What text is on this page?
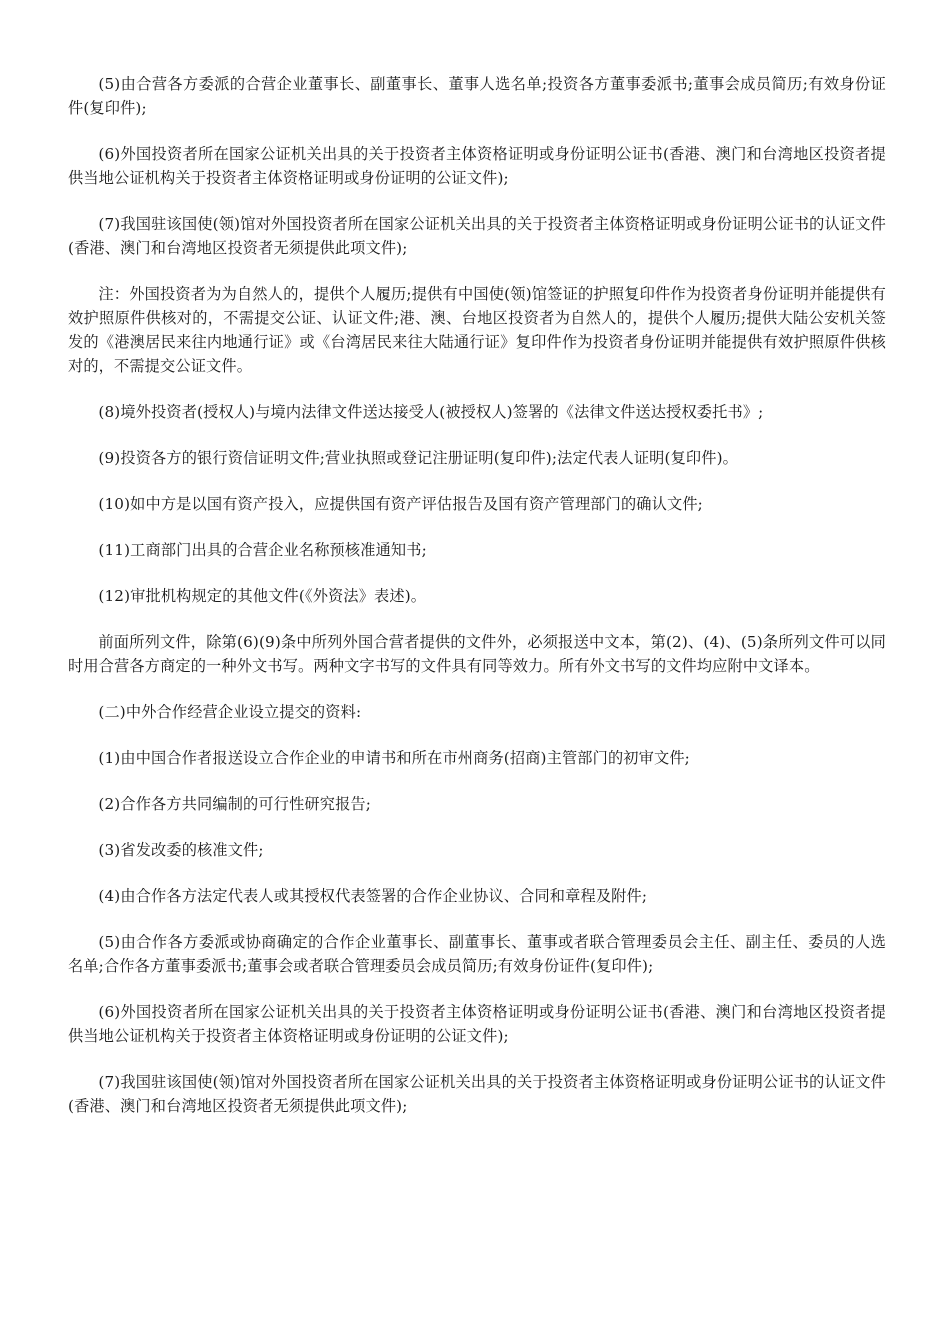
(5)由合营各方委派的合营企业董事长、副董事长、董事人选名单;投资各方董事委派书;董事会成员简历;有效身份证件(复印件);

(6)外国投资者所在国家公证机关出具的关于投资者主体资格证明或身份证明公证书(香港、澳门和台湾地区投资者提供当地公证机构关于投资者主体资格证明或身份证明的公证文件);

(7)我国驻该国使(领)馆对外国投资者所在国家公证机关出具的关于投资者主体资格证明或身份证明公证书的认证文件(香港、澳门和台湾地区投资者无须提供此项文件);

注：外国投资者为为自然人的，提供个人履历;提供有中国使(领)馆签证的护照复印件作为投资者身份证明并能提供有效护照原件供核对的，不需提交公证、认证文件;港、澳、台地区投资者为自然人的，提供个人履历;提供大陆公安机关签发的《港澳居民来往内地通行证》或《台湾居民来往大陆通行证》复印件作为投资者身份证明并能提供有效护照原件供核对的，不需提交公证文件。

(8)境外投资者(授权人)与境内法律文件送达接受人(被授权人)签署的《法律文件送达授权委托书》;

(9)投资各方的银行资信证明文件;营业执照或登记注册证明(复印件);法定代表人证明(复印件)。

(10)如中方是以国有资产投入，应提供国有资产评估报告及国有资产管理部门的确认文件;

(11)工商部门出具的合营企业名称预核准通知书;

(12)审批机构规定的其他文件(《外资法》表述)。

前面所列文件，除第(6)(9)条中所列外国合营者提供的文件外，必须报送中文本，第(2)、(4)、(5)条所列文件可以同时用合营各方商定的一种外文书写。两种文字书写的文件具有同等效力。所有外文书写的文件均应附中文译本。

(二)中外合作经营企业设立提交的资料:

(1)由中国合作者报送设立合作企业的申请书和所在市州商务(招商)主管部门的初审文件;

(2)合作各方共同编制的可行性研究报告;

(3)省发改委的核准文件;

(4)由合作各方法定代表人或其授权代表签署的合作企业协议、合同和章程及附件;

(5)由合作各方委派或协商确定的合作企业董事长、副董事长、董事或者联合管理委员会主任、副主任、委员的人选名单;合作各方董事委派书;董事会或者联合管理委员会成员简历;有效身份证件(复印件);

(6)外国投资者所在国家公证机关出具的关于投资者主体资格证明或身份证明公证书(香港、澳门和台湾地区投资者提供当地公证机构关于投资者主体资格证明或身份证明的公证文件);

(7)我国驻该国使(领)馆对外国投资者所在国家公证机关出具的关于投资者主体资格证明或身份证明公证书的认证文件(香港、澳门和台湾地区投资者无须提供此项文件);
